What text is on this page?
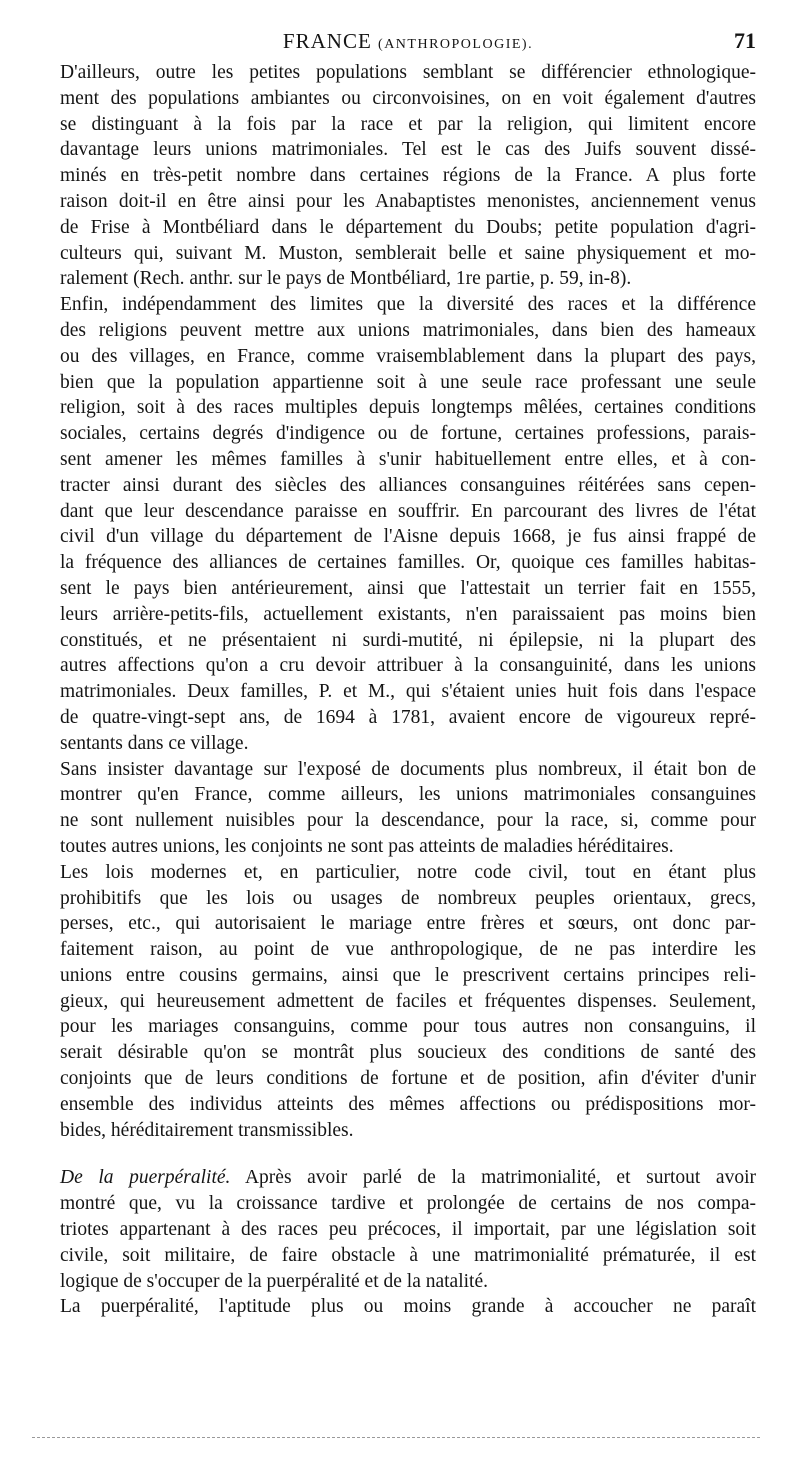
FRANCE (ANTHROPOLOGIE).	71

D'ailleurs, outre les petites populations semblant se différencier ethnologique-
ment des populations ambiantes ou circonvoisines, on en voit également d'autres
se distinguant à la fois par la race et par la religion, qui limitent encore
davantage leurs unions matrimoniales. Tel est le cas des Juifs souvent dissé-
minés en très-petit nombre dans certaines régions de la France. A plus forte
raison doit-il en être ainsi pour les Anabaptistes menonistes, anciennement venus
de Frise à Montbéliard dans le département du Doubs; petite population d'agri-
culteurs qui, suivant M. Muston, semblerait belle et saine physiquement et mo-
ralement (Rech. anthr. sur le pays de Montbéliard, 1re partie, p. 59, in-8).

Enfin, indépendamment des limites que la diversité des races et la différence
des religions peuvent mettre aux unions matrimoniales, dans bien des hameaux
ou des villages, en France, comme vraisemblablement dans la plupart des pays,
bien que la population appartienne soit à une seule race professant une seule
religion, soit à des races multiples depuis longtemps mêlées, certaines conditions
sociales, certains degrés d'indigence ou de fortune, certaines professions, parais-
sent amener les mêmes familles à s'unir habituellement entre elles, et à con-
tracter ainsi durant des siècles des alliances consanguines réitérées sans cepen-
dant que leur descendance paraisse en souffrir. En parcourant des livres de l'état
civil d'un village du département de l'Aisne depuis 1668, je fus ainsi frappé de
la fréquence des alliances de certaines familles. Or, quoique ces familles habitas-
sent le pays bien antérieurement, ainsi que l'attestait un terrier fait en 1555,
leurs arrière-petits-fils, actuellement existants, n'en paraissaient pas moins bien
constitués, et ne présentaient ni surdi-mutité, ni épilepsie, ni la plupart des
autres affections qu'on a cru devoir attribuer à la consanguinité, dans les unions
matrimoniales. Deux familles, P. et M., qui s'étaient unies huit fois dans l'espace
de quatre-vingt-sept ans, de 1694 à 1781, avaient encore de vigoureux repré-
sentants dans ce village.

Sans insister davantage sur l'exposé de documents plus nombreux, il était bon de
montrer qu'en France, comme ailleurs, les unions matrimoniales consanguines
ne sont nullement nuisibles pour la descendance, pour la race, si, comme pour
toutes autres unions, les conjoints ne sont pas atteints de maladies héréditaires.

Les lois modernes et, en particulier, notre code civil, tout en étant plus
prohibitifs que les lois ou usages de nombreux peuples orientaux, grecs,
perses, etc., qui autorisaient le mariage entre frères et sœurs, ont donc par-
faitement raison, au point de vue anthropologique, de ne pas interdire les
unions entre cousins germains, ainsi que le prescrivent certains principes reli-
gieux, qui heureusement admettent de faciles et fréquentes dispenses. Seulement,
pour les mariages consanguins, comme pour tous autres non consanguins, il
serait désirable qu'on se montrât plus soucieux des conditions de santé des
conjoints que de leurs conditions de fortune et de position, afin d'éviter d'unir
ensemble des individus atteints des mêmes affections ou prédispositions mor-
bides, héréditairement transmissibles.

De la puerpéralité. Après avoir parlé de la matrimonialité, et surtout avoir
montré que, vu la croissance tardive et prolongée de certains de nos compa-
triotes appartenant à des races peu précoces, il importait, par une législation soit
civile, soit militaire, de faire obstacle à une matrimonialité prématurée, il est
logique de s'occuper de la puerpéralité et de la natalité.

La puerpéralité, l'aptitude plus ou moins grande à accoucher ne paraît
